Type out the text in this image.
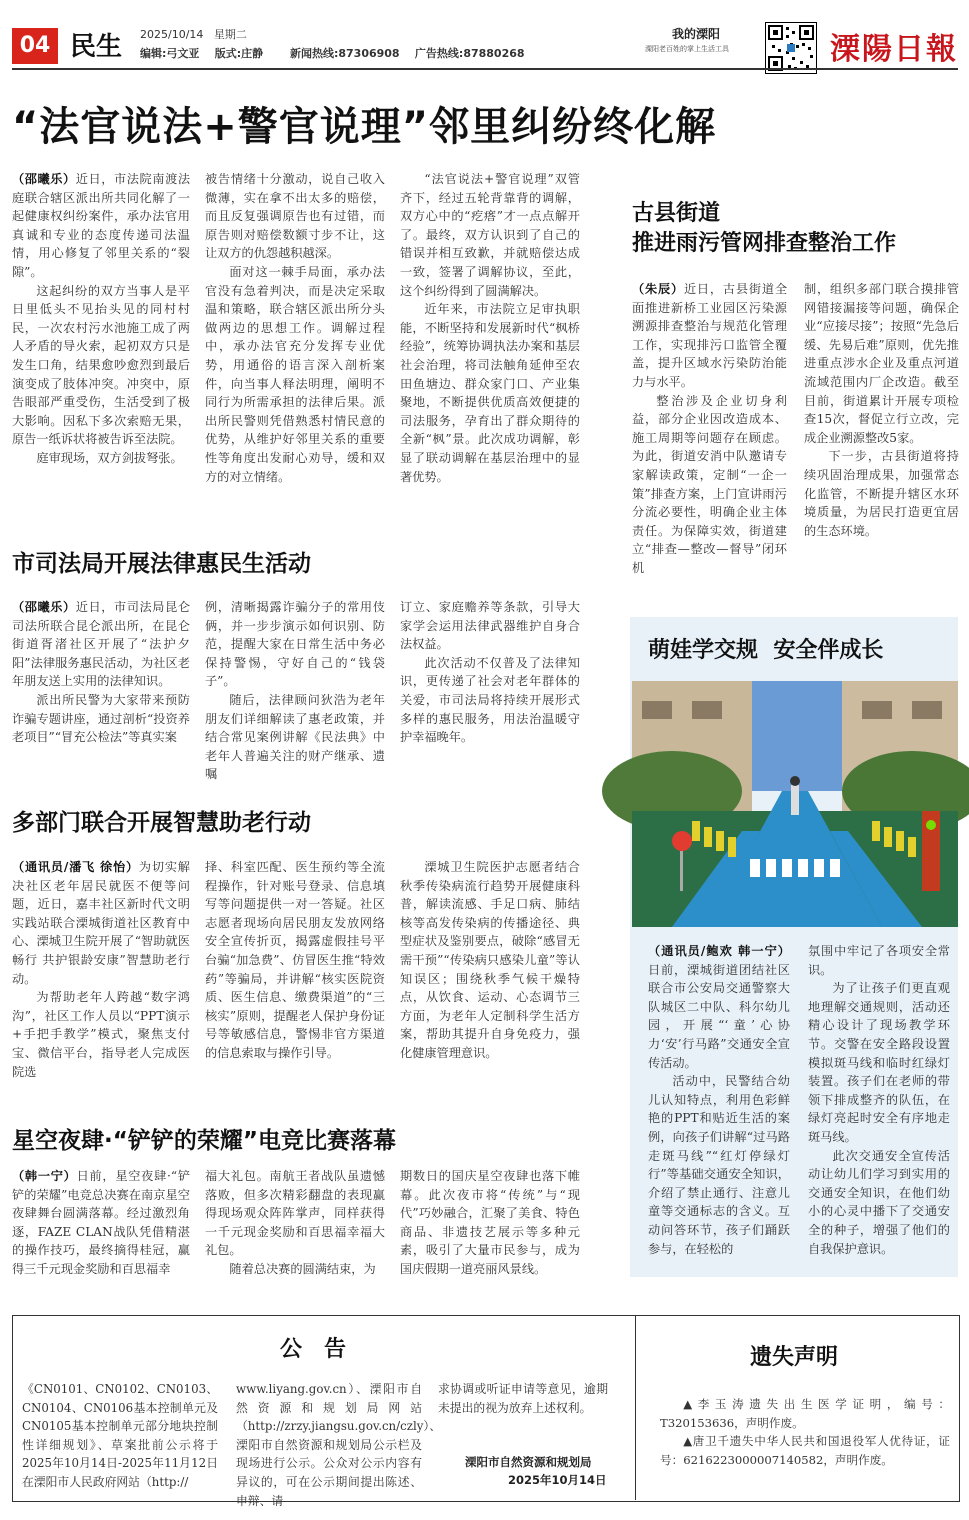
04 民生 2025/10/14 星期二
编辑:弓文亚 版式:庄静 新闻热线:87306908 广告热线:87880268
我的溧阳
溧阳老百姓的掌上生活工具	溧陽日報
“法官说法+警官说理”邻里纠纷终化解

（邵曦乐）近日，市法院南渡法庭联合辖区派出所共同化解了一起健康权纠纷案件，承办法官用真诚和专业的态度传递司法温情，用心修复了邻里关系的“裂隙”。

这起纠纷的双方当事人是平日里低头不见抬头见的同村村民，一次农村污水池施工成了两人矛盾的导火索，起初双方只是发生口角，结果愈吵愈烈到最后演变成了肢体冲突。冲突中，原告眼部严重受伤，生活受到了极大影响。因私下多次索赔无果，原告一纸诉状将被告诉至法院。

庭审现场，双方剑拔弩张。

被告情绪十分激动，说自己收入微薄，实在拿不出太多的赔偿，而且反复强调原告也有过错，而原告则对赔偿数额寸步不让，这让双方的仇怨越积越深。

面对这一棘手局面，承办法官没有急着判决，而是决定采取温和策略，联合辖区派出所分头做两边的思想工作。调解过程中，承办法官充分发挥专业优势，用通俗的语言深入剖析案件，向当事人释法明理，阐明不同行为所需承担的法律后果。派出所民警则凭借熟悉村情民意的优势，从维护好邻里关系的重要性等角度出发耐心劝导，缓和双方的对立情绪。

“法官说法+警官说理”双管齐下，经过五轮背靠背的调解，双方心中的“疙瘩”才一点点解开了。最终，双方认识到了自己的错误并相互致歉，并就赔偿达成一致，签署了调解协议，至此，这个纠纷得到了圆满解决。

近年来，市法院立足审执职能，不断坚持和发展新时代“枫桥经验”，统筹协调执法办案和基层社会治理，将司法触角延伸至农田鱼塘边、群众家门口、产业集聚地，不断提供优质高效便捷的司法服务，孕育出了群众期待的全新“枫”景。此次成功调解，彰显了联动调解在基层治理中的显著优势。

古县街道
推进雨污管网排查整治工作

（朱辰）近日，古县街道全面推进新桥工业园区污染源溯源排查整治与规范化管理工作，实现排污口监管全覆盖，提升区域水污染防治能力与水平。

整治涉及企业切身利益，部分企业因改造成本、施工周期等问题存在顾虑。为此，街道安消中队邀请专家解读政策，定制“一企一策”排查方案，上门宣讲雨污分流必要性，明确企业主体责任。为保障实效，街道建立“排查—整改—督导”闭环机

制，组织多部门联合摸排管网错接漏接等问题，确保企业“应接尽接”；按照“先急后缓、先易后难”原则，优先推进重点涉水企业及重点河道流域范围内厂企改造。截至目前，街道累计开展专项检查15次，督促立行立改，完成企业溯源整改5家。

下一步，古县街道将持续巩固治理成果，加强常态化监管，不断提升辖区水环境质量，为居民打造更宜居的生态环境。

市司法局开展法律惠民生活动

（邵曦乐）近日，市司法局昆仑司法所联合昆仑派出所，在昆仑街道胥渚社区开展了“法护夕阳”法律服务惠民活动，为社区老年朋友送上实用的法律知识。

派出所民警为大家带来预防诈骗专题讲座，通过剖析“投资养老项目”“冒充公检法”等真实案

例，清晰揭露诈骗分子的常用伎俩，并一步步演示如何识别、防范，提醒大家在日常生活中务必保持警惕，守好自己的“钱袋子”。

随后，法律顾问狄浩为老年朋友们详细解读了惠老政策，并结合常见案例讲解《民法典》中老年人普遍关注的财产继承、遗嘱

订立、家庭赡养等条款，引导大家学会运用法律武器维护自身合法权益。

此次活动不仅普及了法律知识，更传递了社会对老年群体的关爱，市司法局将持续开展形式多样的惠民服务，用法治温暖守护幸福晚年。

多部门联合开展智慧助老行动

（通讯员/潘飞 徐怡）为切实解决社区老年居民就医不便等问题，近日，嘉丰社区新时代文明实践站联合溧城街道社区教育中心、溧城卫生院开展了“智助就医畅行 共护银龄安康”智慧助老行动。

为帮助老年人跨越“数字鸿沟”，社区工作人员以“PPT演示+手把手教学”模式，聚焦支付宝、微信平台，指导老人完成医院选

择、科室匹配、医生预约等全流程操作，针对账号登录、信息填写等问题提供一对一答疑。社区志愿者现场向居民朋友发放网络安全宣传折页，揭露虚假挂号平台骗“加急费”、仿冒医生推“特效药”等骗局，并讲解“核实医院资质、医生信息、缴费渠道”的“三核实”原则，提醒老人保护身份证号等敏感信息，警惕非官方渠道的信息索取与操作引导。

溧城卫生院医护志愿者结合秋季传染病流行趋势开展健康科普，解读流感、手足口病、肺结核等高发传染病的传播途径、典型症状及鉴别要点，破除“感冒无需干预”“传染病只感染儿童”等认知误区；围绕秋季气候干燥特点，从饮食、运动、心态调节三方面，为老年人定制科学生活方案，帮助其提升自身免疫力，强化健康管理意识。

星空夜肆·“铲铲的荣耀”电竞比赛落幕

（韩一宁）日前，星空夜肆·“铲铲的荣耀”电竞总决赛在南京星空夜肆舞台圆满落幕。经过激烈角逐，FAZE CLAN战队凭借精湛的操作技巧，最终摘得桂冠，赢得三千元现金奖励和百思福幸

福大礼包。南航王者战队虽遗憾落败，但多次精彩翻盘的表现赢得现场观众阵阵掌声，同样获得一千元现金奖励和百思福幸福大礼包。

随着总决赛的圆满结束，为

期数日的国庆星空夜肆也落下帷幕。此次夜市将“传统”与“现代”巧妙融合，汇聚了美食、特色商品、非遗技艺展示等多种元素，吸引了大量市民参与，成为国庆假期一道亮丽风景线。

萌娃学交规  安全伴成长

（通讯员/鲍欢 韩一宁）日前，溧城街道团结社区联合市公安局交通警察大队城区二中队、科尔幼儿园，开展“‘童’心协力‘安’行马路”交通安全宣传活动。

活动中，民警结合幼儿认知特点，利用色彩鲜艳的PPT和贴近生活的案例，向孩子们讲解“过马路走斑马线”“红灯停绿灯行”等基础交通安全知识，介绍了禁止通行、注意儿童等交通标志的含义。互动问答环节，孩子们踊跃参与，在轻松的

氛围中牢记了各项安全常识。

为了让孩子们更直观地理解交通规则，活动还精心设计了现场教学环节。交警在安全路段设置模拟斑马线和临时红绿灯装置。孩子们在老师的带领下排成整齐的队伍，在绿灯亮起时安全有序地走斑马线。

此次交通安全宣传活动让幼儿们学习到实用的交通安全知识，在他们幼小的心灵中播下了交通安全的种子，增强了他们的自我保护意识。

公　告
《CN0101、CN0102、CN0103、CN0104、CN0106基本控制单元及CN0105基本控制单元部分地块控制性详细规划》、草案批前公示将于2025年10月14日-2025年11月12日在溧阳市人民政府网站（http://
www.liyang.gov.cn）、溧阳市自然资源和规划局网站（http://zrzy.jiangsu.gov.cn/czly）、溧阳市自然资源和规划局公示栏及现场进行公示。公众对公示内容有异议的，可在公示期间提出陈述、申辩、请
求协调或听证申请等意见，逾期未提出的视为放弃上述权利。
溧阳市自然资源和规划局
2025年10月14日
遗失声明
▲李玉涛遗失出生医学证明，编号：T320153636，声明作废。
▲唐卫千遗失中华人民共和国退役军人优待证，证号：6216223000007140582，声明作废。
